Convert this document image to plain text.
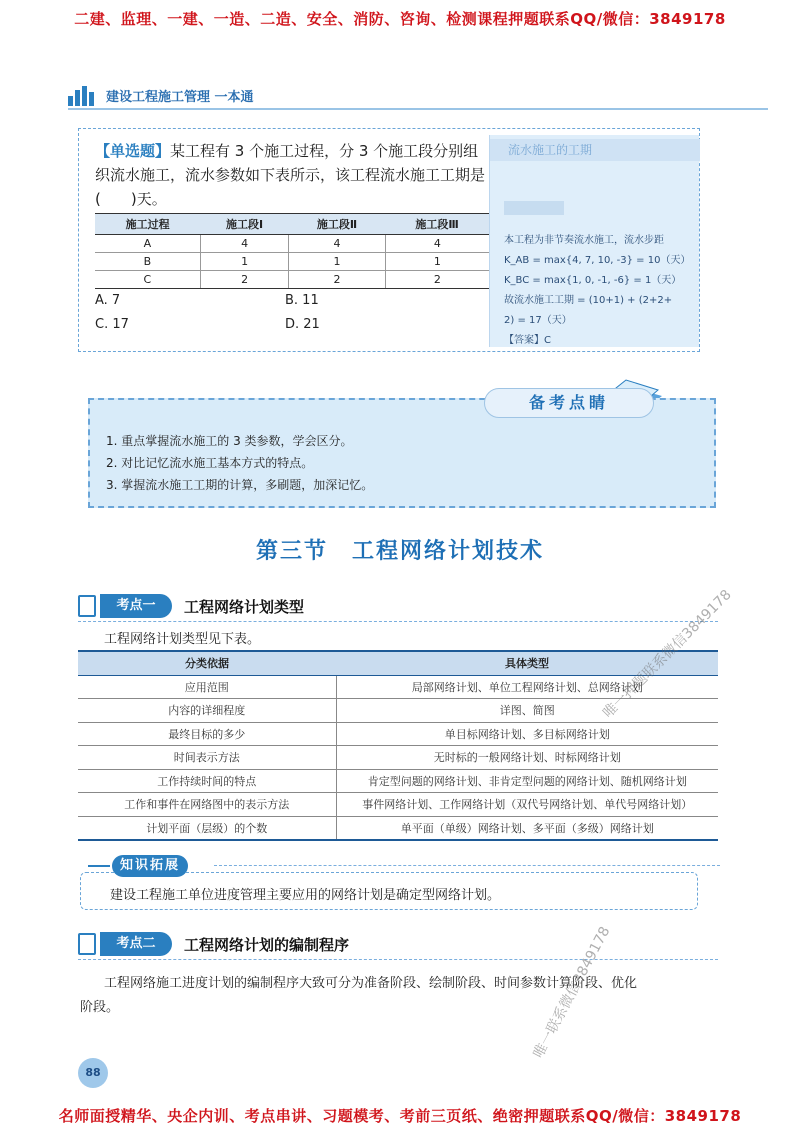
二建、监理、一建、一造、二造、安全、消防、咨询、检测课程押题联系QQ/微信：3849178
建设工程施工管理 一本通
【单选题】某工程有 3 个施工过程，分 3 个施工段分别组织流水施工，流水参数如下表所示，该工程流水施工工期是(　　)天。
施工过程	施工段Ⅰ	施工段Ⅱ	施工段Ⅲ
A	4	4	4
B	1	1	1
C	2	2	2
A. 7	B. 11
C. 17	D. 21
流水施工的工期
本工程为非节奏流水施工，流水步距
K_AB = max{4, 7, 10, -3} = 10（天）
K_BC = max{1, 0, -1, -6} = 1（天）
故流水施工工期 = (10+1) + (2+2+
2) = 17（天）
【答案】C
备考点睛
1. 重点掌握流水施工的 3 类参数，学会区分。
2. 对比记忆流水施工基本方式的特点。
3. 掌握流水施工工期的计算，多刷题，加深记忆。
第三节　工程网络计划技术
考点一	工程网络计划类型
工程网络计划类型见下表。
分类依据	具体类型
应用范围	局部网络计划、单位工程网络计划、总网络计划
内容的详细程度	详图、简图
最终目标的多少	单目标网络计划、多目标网络计划
时间表示方法	无时标的一般网络计划、时标网络计划
工作持续时间的特点	肯定型问题的网络计划、非肯定型问题的网络计划、随机网络计划
工作和事件在网络图中的表示方法	事件网络计划、工作网络计划（双代号网络计划、单代号网络计划）
计划平面（层级）的个数	单平面（单级）网络计划、多平面（多级）网络计划
知识拓展
建设工程施工单位进度管理主要应用的网络计划是确定型网络计划。
考点二	工程网络计划的编制程序
工程网络施工进度计划的编制程序大致可分为准备阶段、绘制阶段、时间参数计算阶段、优化
阶段。
88
唯一押题联系微信3849178
唯一联系微信3849178
名师面授精华、央企内训、考点串讲、习题模考、考前三页纸、绝密押题联系QQ/微信：3849178
